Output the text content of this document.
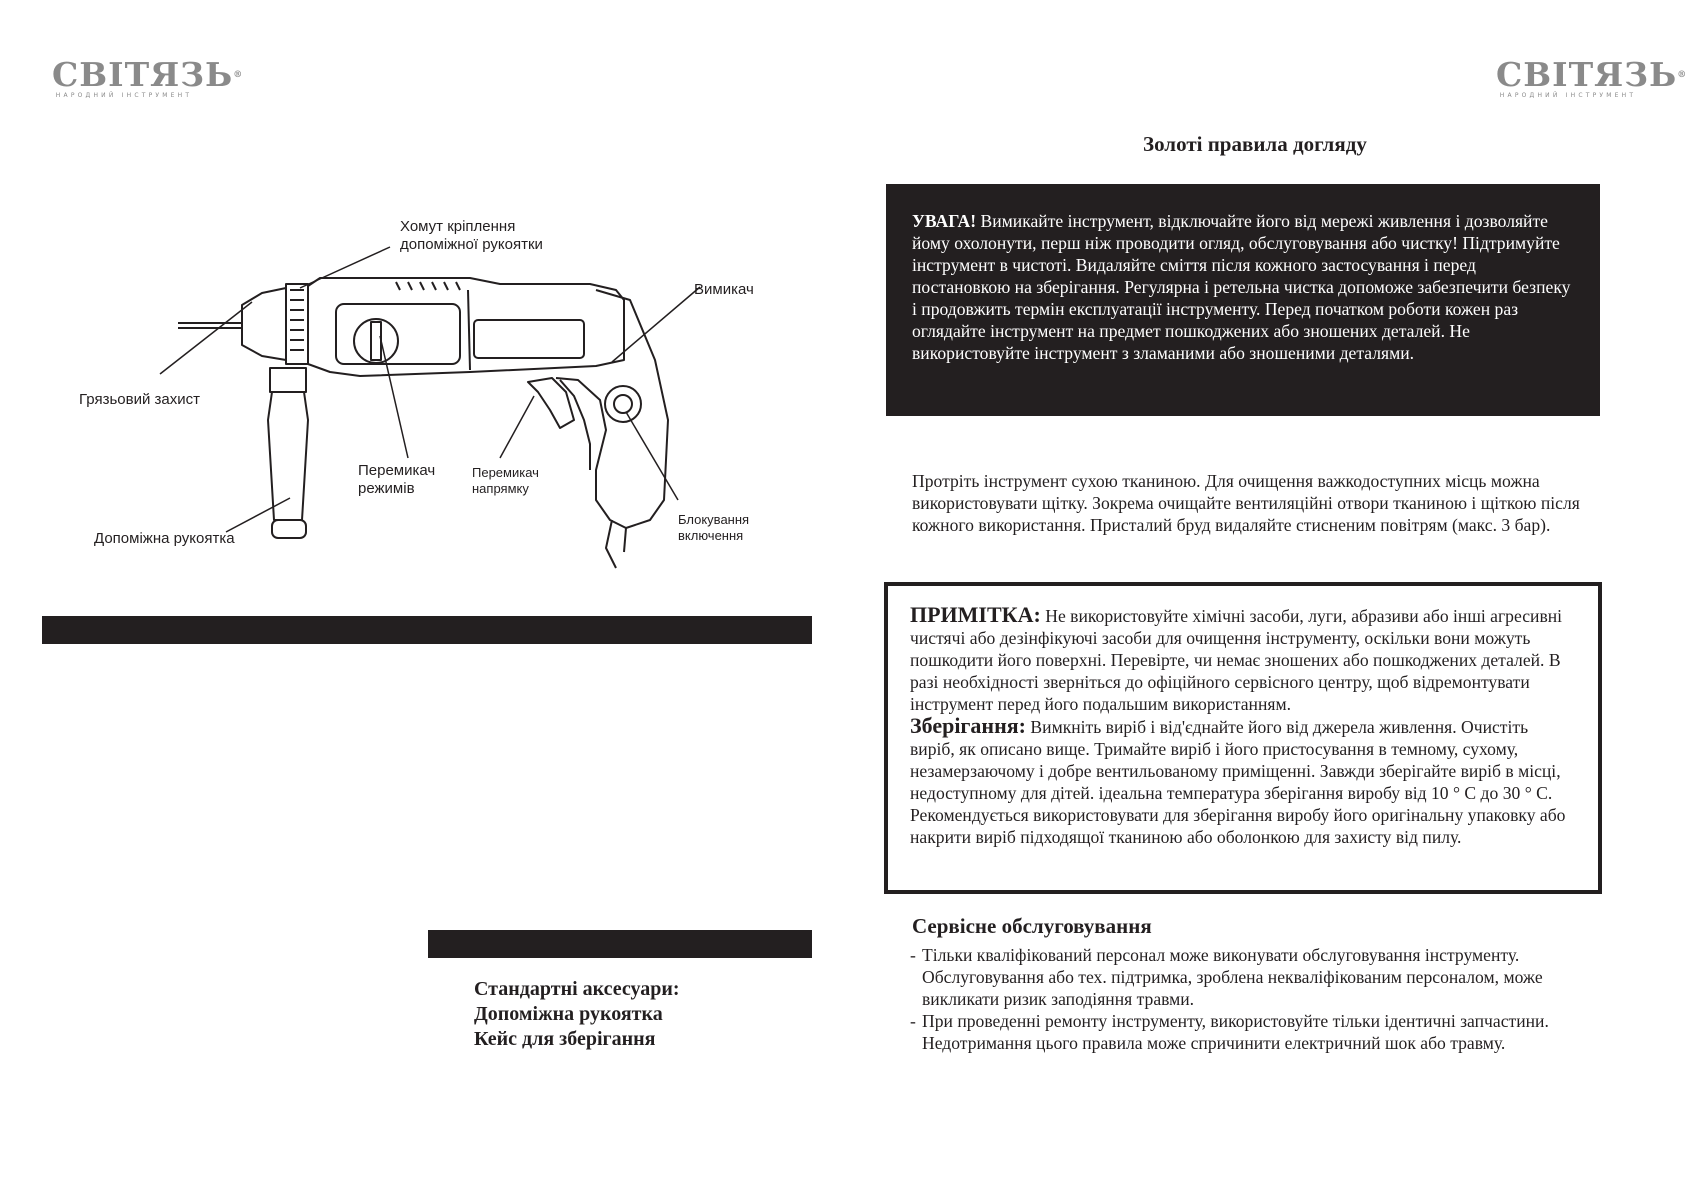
СВІТЯЗЬ®
НАРОДНИЙ ІНСТРУМЕНТ
СВІТЯЗЬ®
НАРОДНИЙ ІНСТРУМЕНТ
Хомут кріплення
допоміжної рукоятки
Вимикач
Грязьовий захист
Перемикач
режимів
Перемикач
напрямку
Блокування
включення
Допоміжна рукоятка
Стандартні аксесуари:
Допоміжна рукоятка
Кейс для зберігання
Золоті правила догляду

УВАГА! Вимикайте інструмент, відключайте його від мережі живлення і дозволяйте йому охолонути, перш ніж проводити огляд, обслуговування або чистку! Підтримуйте інструмент в чистоті. Видаляйте сміття після кожного застосування і перед постановкою на зберігання. Регулярна і ретельна чистка допоможе забезпечити безпеку і продовжить термін експлуатації інструменту. Перед початком роботи кожен раз оглядайте інструмент на предмет пошкоджених або зношених деталей. Не використовуйте інструмент з зламаними або зношеними деталями.

Протріть інструмент сухою тканиною. Для очищення важкодоступних місць можна використовувати щітку. Зокрема очищайте вентиляційні отвори тканиною і щіткою після кожного використання. Присталий бруд видаляйте стисненим повітрям (макс. 3 бар).

ПРИМІТКА: Не використовуйте хімічні засоби, луги, абразиви або інші агресивні чистячі або дезінфікуючі засоби для очищення інструменту, оскільки вони можуть пошкодити його поверхні. Перевірте, чи немає зношених або пошкоджених деталей. В разі необхідності зверніться до офіційного сервісного центру, щоб відремонтувати інструмент перед його подальшим використанням.

Зберігання: Вимкніть виріб і від'єднайте його від джерела живлення. Очистіть виріб, як описано вище. Тримайте виріб і його пристосування в темному, сухому, незамерзаючому і добре вентильованому приміщенні. Завжди зберігайте виріб в місці, недоступному для дітей. ідеальна температура зберігання виробу від 10 ° С до 30 ° С. Рекомендується використовувати для зберігання виробу його оригінальну упаковку або накрити виріб підходящої тканиною або оболонкою для захисту від пилу.

Сервісне обслуговування
- Тільки кваліфікований персонал може виконувати обслуговування інструменту. Обслуговування або тех. підтримка, зроблена некваліфікованим персоналом, може викликати ризик заподіяння травми.
- При проведенні ремонту інструменту, використовуйте тільки ідентичні запчастини. Недотримання цього правила може спричинити електричний шок або травму.
